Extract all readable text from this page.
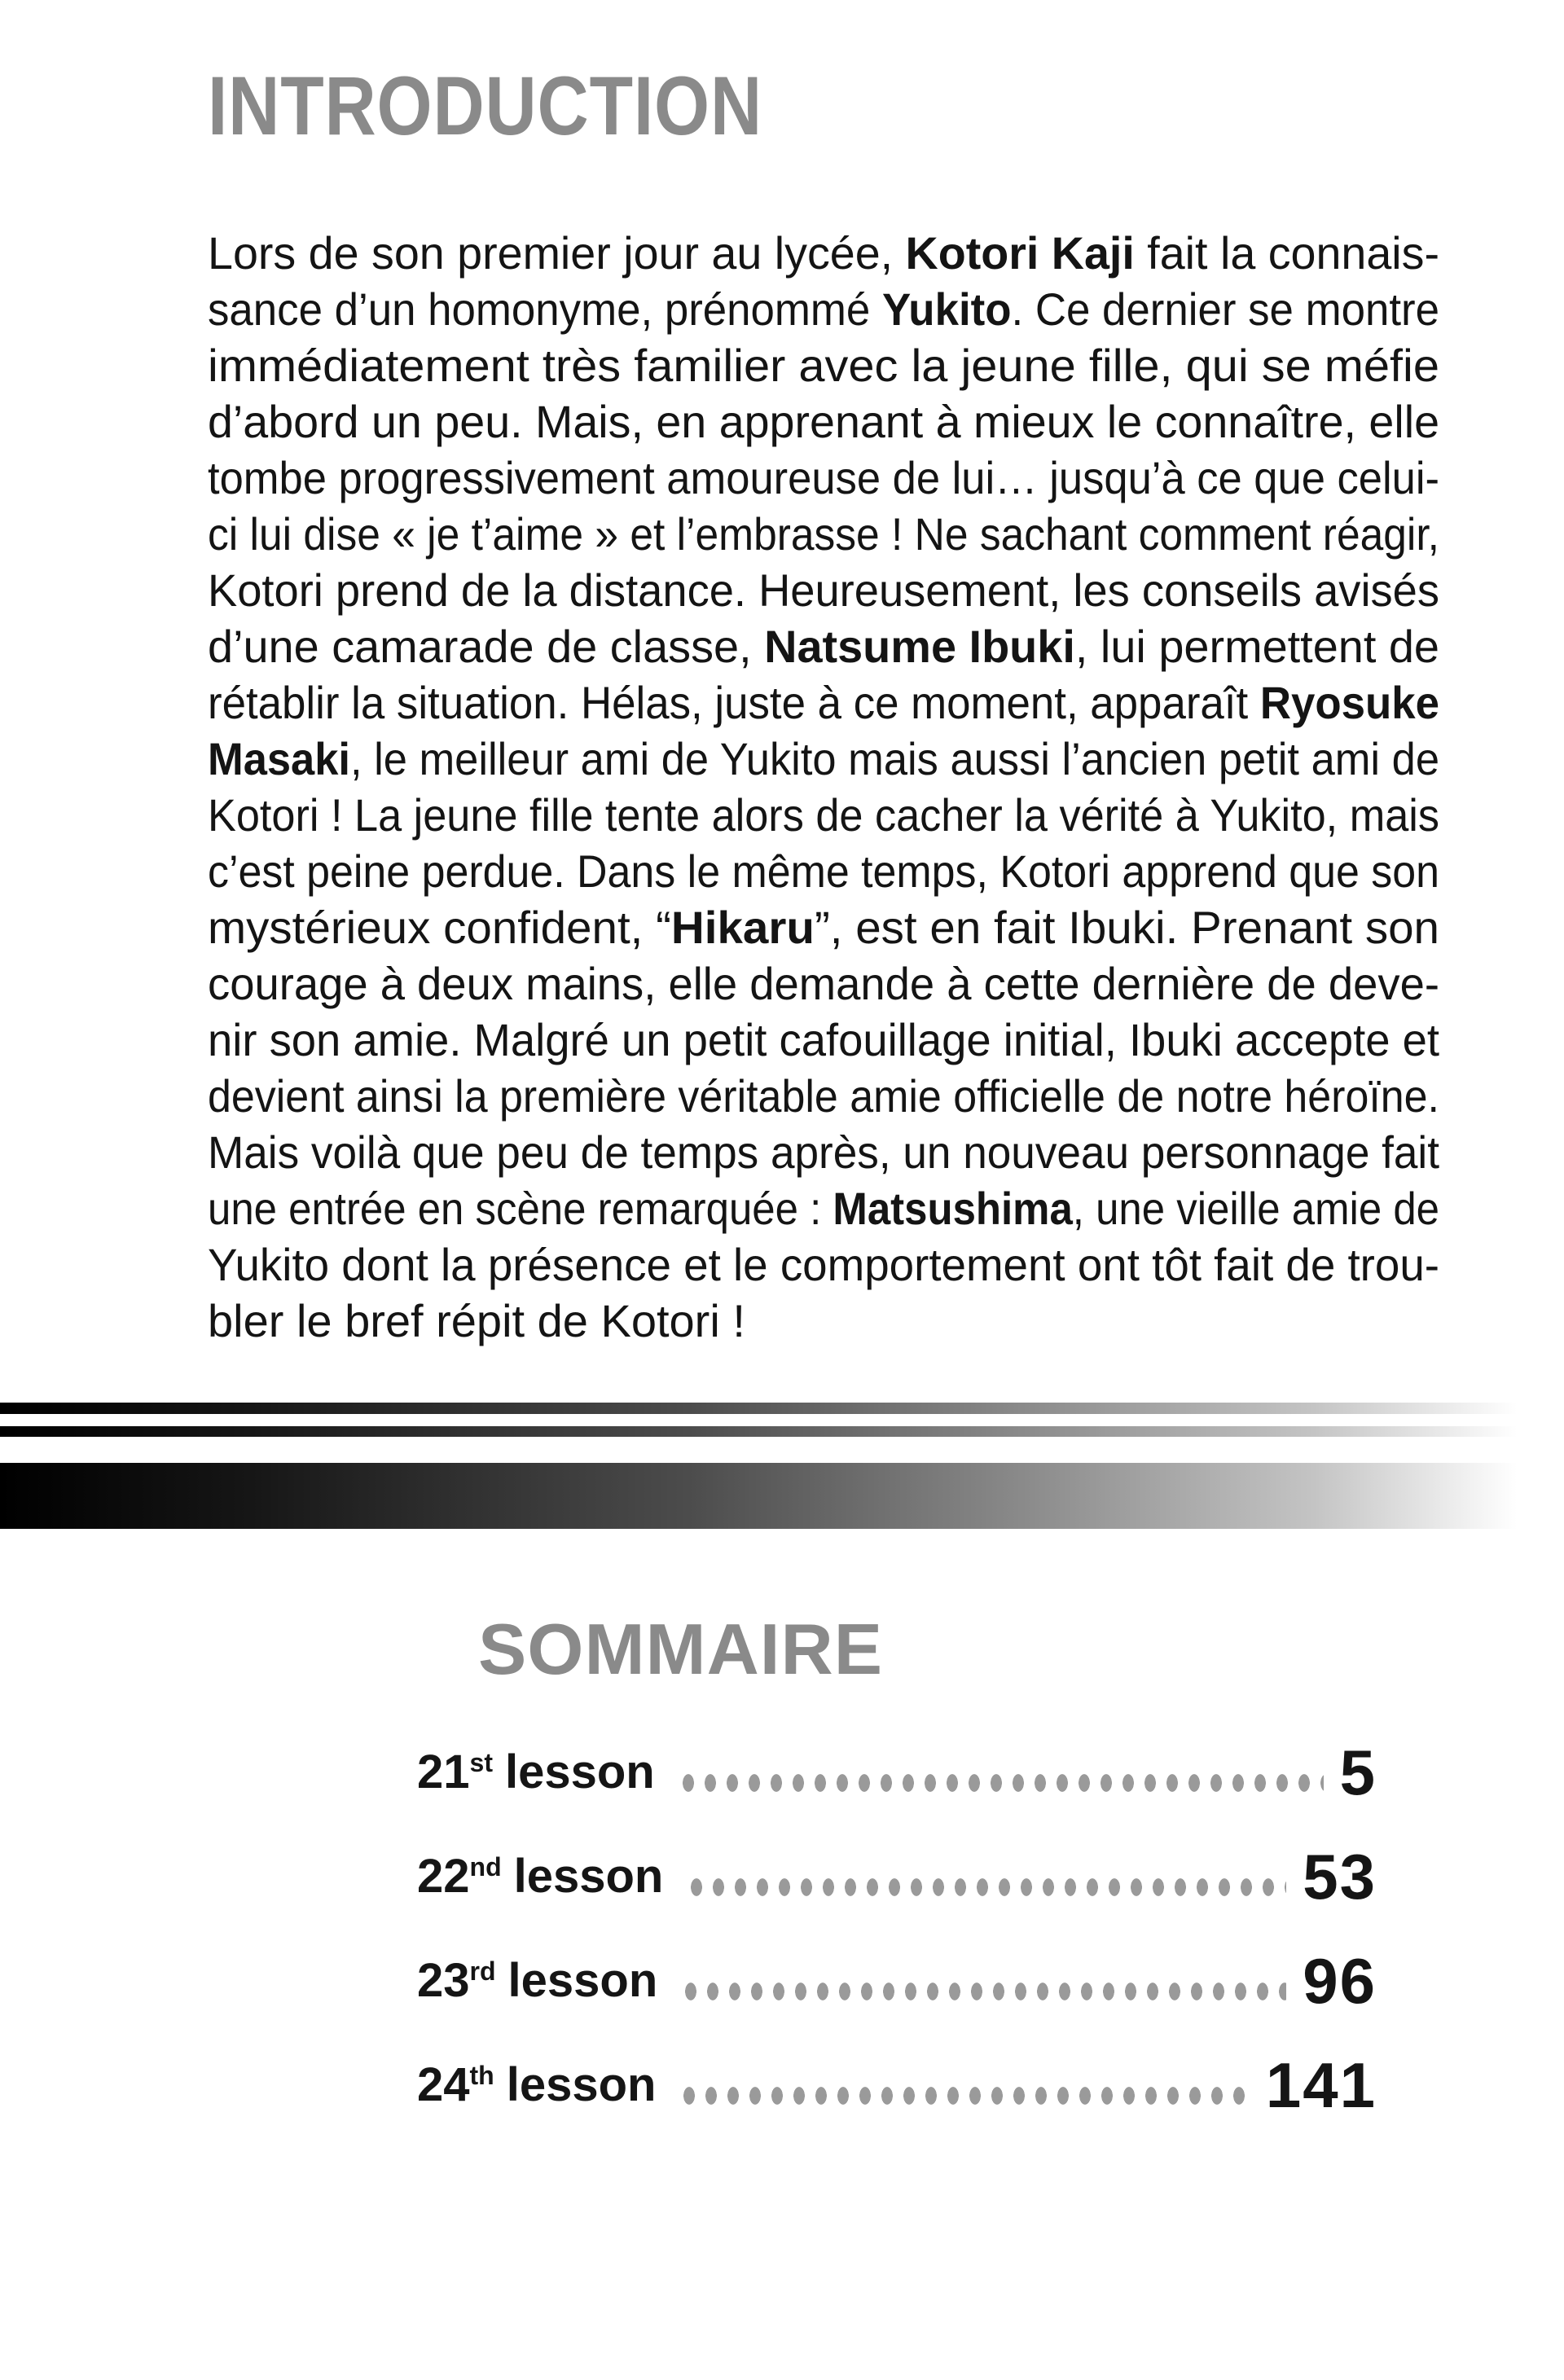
INTRODUCTION
Lors de son premier jour au lycée, Kotori Kaji fait la connais-
sance d’un homonyme, prénommé Yukito. Ce dernier se montre
immédiatement très familier avec la jeune fille, qui se méfie
d’abord un peu. Mais, en apprenant à mieux le connaître, elle
tombe progressivement amoureuse de lui… jusqu’à ce que celui-
ci lui dise « je t’aime » et l’embrasse ! Ne sachant comment réagir,
Kotori prend de la distance. Heureusement, les conseils avisés
d’une camarade de classe, Natsume Ibuki, lui permettent de
rétablir la situation. Hélas, juste à ce moment, apparaît Ryosuke
Masaki, le meilleur ami de Yukito mais aussi l’ancien petit ami de
Kotori ! La jeune fille tente alors de cacher la vérité à Yukito, mais
c’est peine perdue. Dans le même temps, Kotori apprend que son
mystérieux confident, “Hikaru”, est en fait Ibuki. Prenant son
courage à deux mains, elle demande à cette dernière de deve-
nir son amie. Malgré un petit cafouillage initial, Ibuki accepte et
devient ainsi la première véritable amie officielle de notre héroïne.
Mais voilà que peu de temps après, un nouveau personnage fait
une entrée en scène remarquée : Matsushima, une vieille amie de
Yukito dont la présence et le comportement ont tôt fait de trou-
bler le bref répit de Kotori !
SOMMAIRE
21st lesson	5
22nd lesson	53
23rd lesson	96
24th lesson	141
